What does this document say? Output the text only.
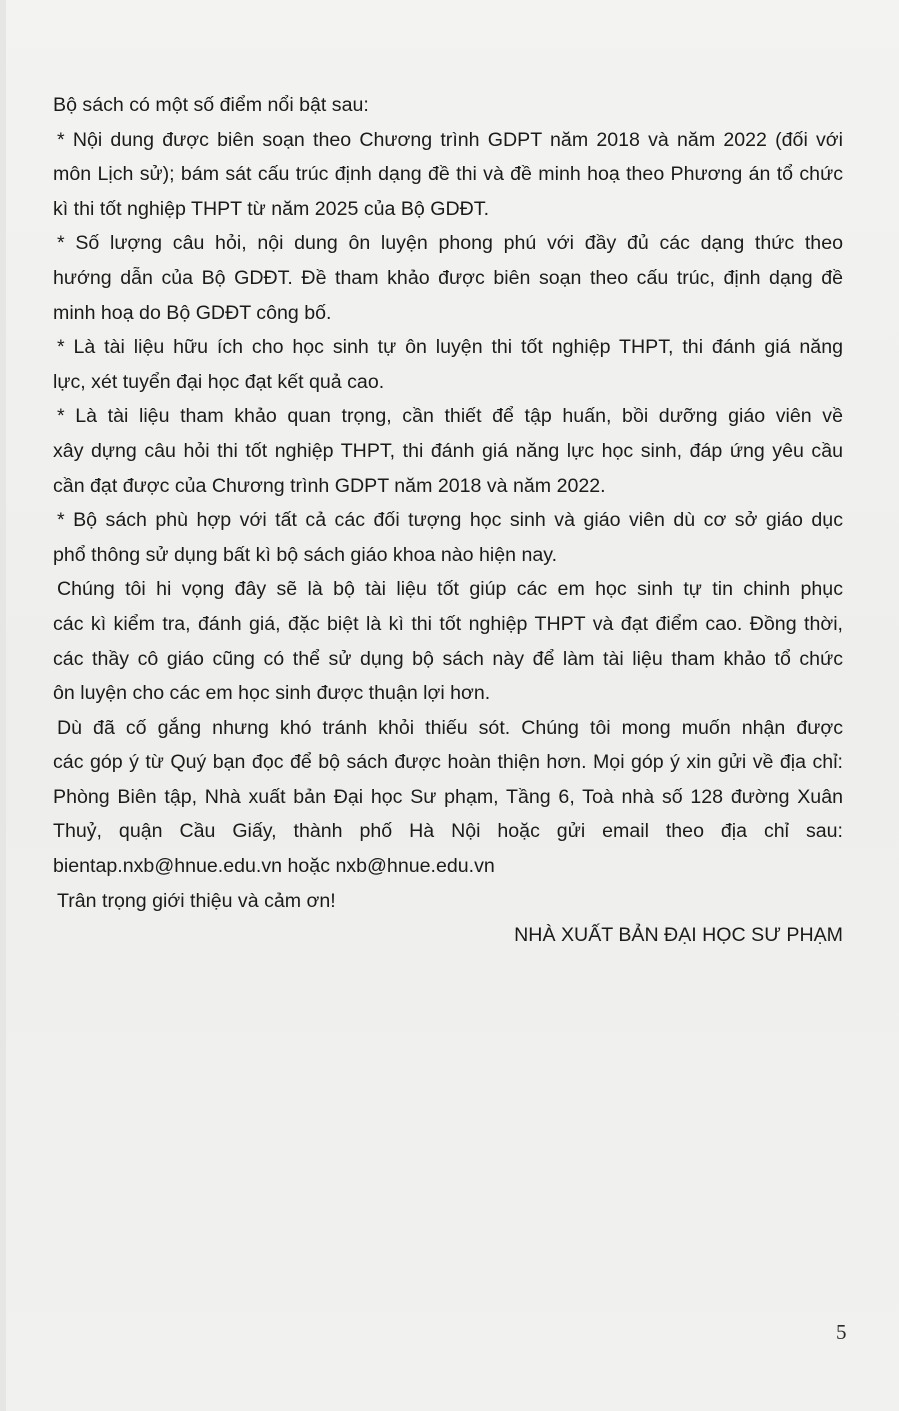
Bộ sách có một số điểm nổi bật sau:
* Nội dung được biên soạn theo Chương trình GDPT năm 2018 và năm 2022 (đối với
môn Lịch sử); bám sát cấu trúc định dạng đề thi và đề minh hoạ theo Phương án tổ chức
kì thi tốt nghiệp THPT từ năm 2025 của Bộ GDĐT.
* Số lượng câu hỏi, nội dung ôn luyện phong phú với đầy đủ các dạng thức theo
hướng dẫn của Bộ GDĐT. Đề tham khảo được biên soạn theo cấu trúc, định dạng đề
minh hoạ do Bộ GDĐT công bố.
* Là tài liệu hữu ích cho học sinh tự ôn luyện thi tốt nghiệp THPT, thi đánh giá năng
lực, xét tuyển đại học đạt kết quả cao.
* Là tài liệu tham khảo quan trọng, cần thiết để tập huấn, bồi dưỡng giáo viên về
xây dựng câu hỏi thi tốt nghiệp THPT, thi đánh giá năng lực học sinh, đáp ứng yêu cầu
cần đạt được của Chương trình GDPT năm 2018 và năm 2022.
* Bộ sách phù hợp với tất cả các đối tượng học sinh và giáo viên dù cơ sở giáo dục
phổ thông sử dụng bất kì bộ sách giáo khoa nào hiện nay.
Chúng tôi hi vọng đây sẽ là bộ tài liệu tốt giúp các em học sinh tự tin chinh phục
các kì kiểm tra, đánh giá, đặc biệt là kì thi tốt nghiệp THPT và đạt điểm cao. Đồng thời,
các thầy cô giáo cũng có thể sử dụng bộ sách này để làm tài liệu tham khảo tổ chức
ôn luyện cho các em học sinh được thuận lợi hơn.
Dù đã cố gắng nhưng khó tránh khỏi thiếu sót. Chúng tôi mong muốn nhận được
các góp ý từ Quý bạn đọc để bộ sách được hoàn thiện hơn. Mọi góp ý xin gửi về địa chỉ:
Phòng Biên tập, Nhà xuất bản Đại học Sư phạm, Tầng 6, Toà nhà số 128 đường Xuân
Thuỷ, quận Cầu Giấy, thành phố Hà Nội hoặc gửi email theo địa chỉ sau:
bientap.nxb@hnue.edu.vn hoặc nxb@hnue.edu.vn
Trân trọng giới thiệu và cảm ơn!
NHÀ XUẤT BẢN ĐẠI HỌC SƯ PHẠM
5
